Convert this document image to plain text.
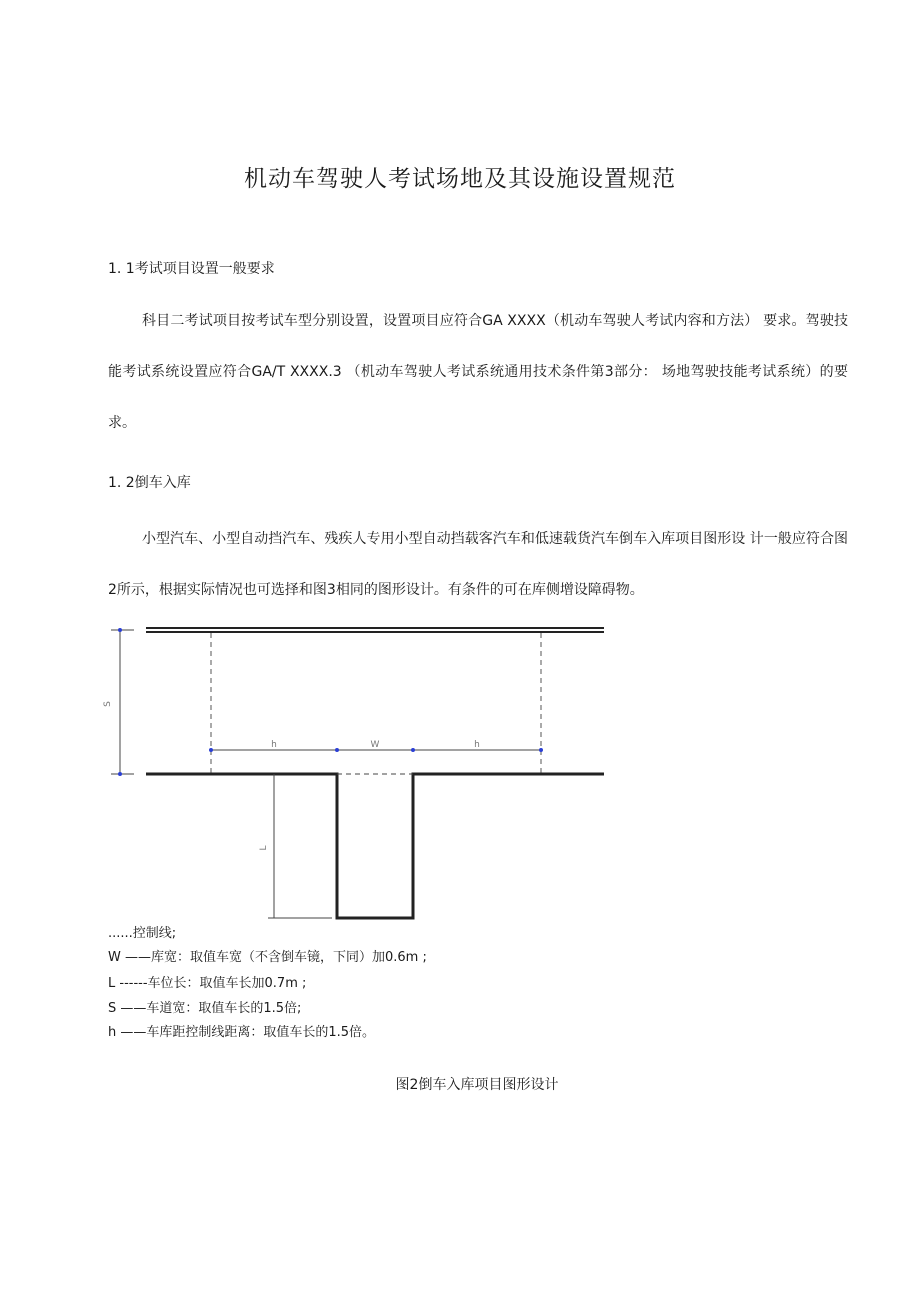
机动车驾驶人考试场地及其设施设置规范
1. 1考试项目设置一般要求
科目二考试项目按考试车型分别设置，设置项目应符合GA XXXX（机动车驾驶人考试内容和方法） 要求。驾驶技能考试系统设置应符合GA/T XXXX.3 （机动车驾驶人考试系统通用技术条件第3部分： 场地驾驶技能考试系统）的要求。
1. 2倒车入库
小型汽车、小型自动挡汽车、残疾人专用小型自动挡载客汽车和低速载货汽车倒车入库项目图形设 计一般应符合图2所示，根据实际情况也可选择和图3相同的图形设计。有条件的可在库侧增设障碍物。
S
h	W	h
L
......控制线;
W ——库宽：取值车宽（不含倒车镜，下同）加0.6m ;
L ------车位长：取值车长加0.7m ;
S ——车道宽：取值车长的1.5倍;
h ——车库距控制线距离：取值车长的1.5倍。
图2倒车入库项目图形设计
